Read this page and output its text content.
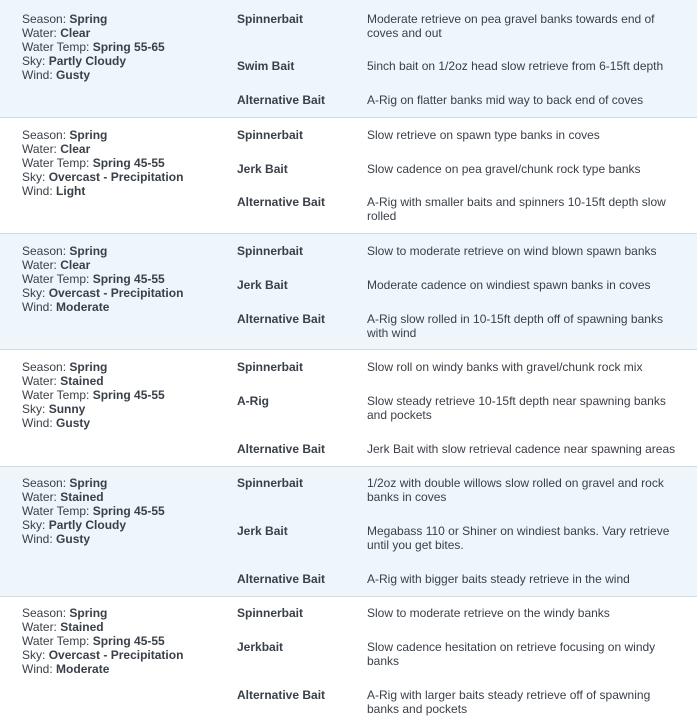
Season: Spring
Water: Clear
Water Temp: Spring 55-65
Sky: Partly Cloudy
Wind: Gusty
Spinnerbait	Moderate retrieve on pea gravel banks towards end of coves and out
Swim Bait	5inch bait on 1/2oz head slow retrieve from 6-15ft depth
Alternative Bait	A-Rig on flatter banks mid way to back end of coves
Season: Spring
Water: Clear
Water Temp: Spring 45-55
Sky: Overcast - Precipitation
Wind: Light
Spinnerbait	Slow retrieve on spawn type banks in coves
Jerk Bait	Slow cadence on pea gravel/chunk rock type banks
Alternative Bait	A-Rig with smaller baits and spinners 10-15ft depth slow rolled
Season: Spring
Water: Clear
Water Temp: Spring 45-55
Sky: Overcast - Precipitation
Wind: Moderate
Spinnerbait	Slow to moderate retrieve on wind blown spawn banks
Jerk Bait	Moderate cadence on windiest spawn banks in coves
Alternative Bait	A-Rig slow rolled in 10-15ft depth off of spawning banks with wind
Season: Spring
Water: Stained
Water Temp: Spring 45-55
Sky: Sunny
Wind: Gusty
Spinnerbait	Slow roll on windy banks with gravel/chunk rock mix
A-Rig	Slow steady retrieve 10-15ft depth near spawning banks and pockets
Alternative Bait	Jerk Bait with slow retrieval cadence near spawning areas
Season: Spring
Water: Stained
Water Temp: Spring 45-55
Sky: Partly Cloudy
Wind: Gusty
Spinnerbait	1/2oz with double willows slow rolled on gravel and rock banks in coves
Jerk Bait	Megabass 110 or Shiner on windiest banks. Vary retrieve until you get bites.
Alternative Bait	A-Rig with bigger baits steady retrieve in the wind
Season: Spring
Water: Stained
Water Temp: Spring 45-55
Sky: Overcast - Precipitation
Wind: Moderate
Spinnerbait	Slow to moderate retrieve on the windy banks
Jerkbait	Slow cadence hesitation on retrieve focusing on windy banks
Alternative Bait	A-Rig with larger baits steady retrieve off of spawning banks and pockets
